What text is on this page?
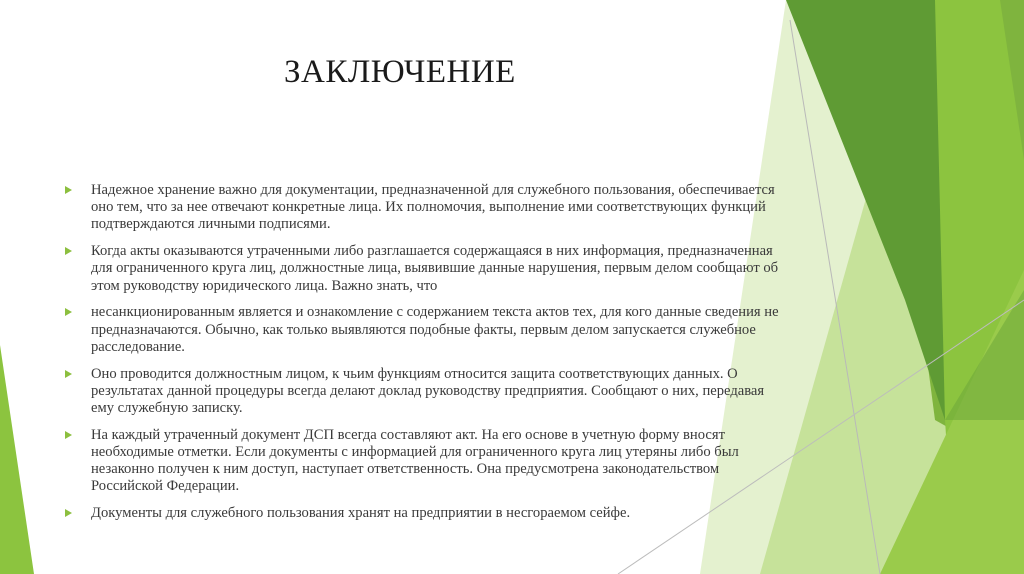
ЗАКЛЮЧЕНИЕ
Надежное хранение важно для документации, предназначенной для служебного пользования, обеспечивается оно тем, что за нее отвечают конкретные лица. Их полномочия, выполнение ими соответствующих функций подтверждаются личными подписями.
Когда акты оказываются утраченными либо разглашается содержащаяся в них информация, предназначенная для ограниченного круга лиц, должностные лица, выявившие данные нарушения, первым делом сообщают об этом руководству юридического лица. Важно знать, что
несанкционированным является и ознакомление с содержанием текста актов тех, для кого данные сведения не предназначаются. Обычно, как только выявляются подобные факты, первым делом запускается служебное расследование.
Оно проводится должностным лицом, к чьим функциям относится защита соответствующих данных. О результатах данной процедуры всегда делают доклад руководству предприятия. Сообщают о них, передавая ему служебную записку.
На каждый утраченный документ ДСП всегда составляют акт. На его основе в учетную форму вносят необходимые отметки. Если документы с информацией для ограниченного круга лиц утеряны либо был незаконно получен к ним доступ, наступает ответственность. Она предусмотрена законодательством Российской Федерации.
Документы для служебного пользования хранят на предприятии в несгораемом сейфе.
